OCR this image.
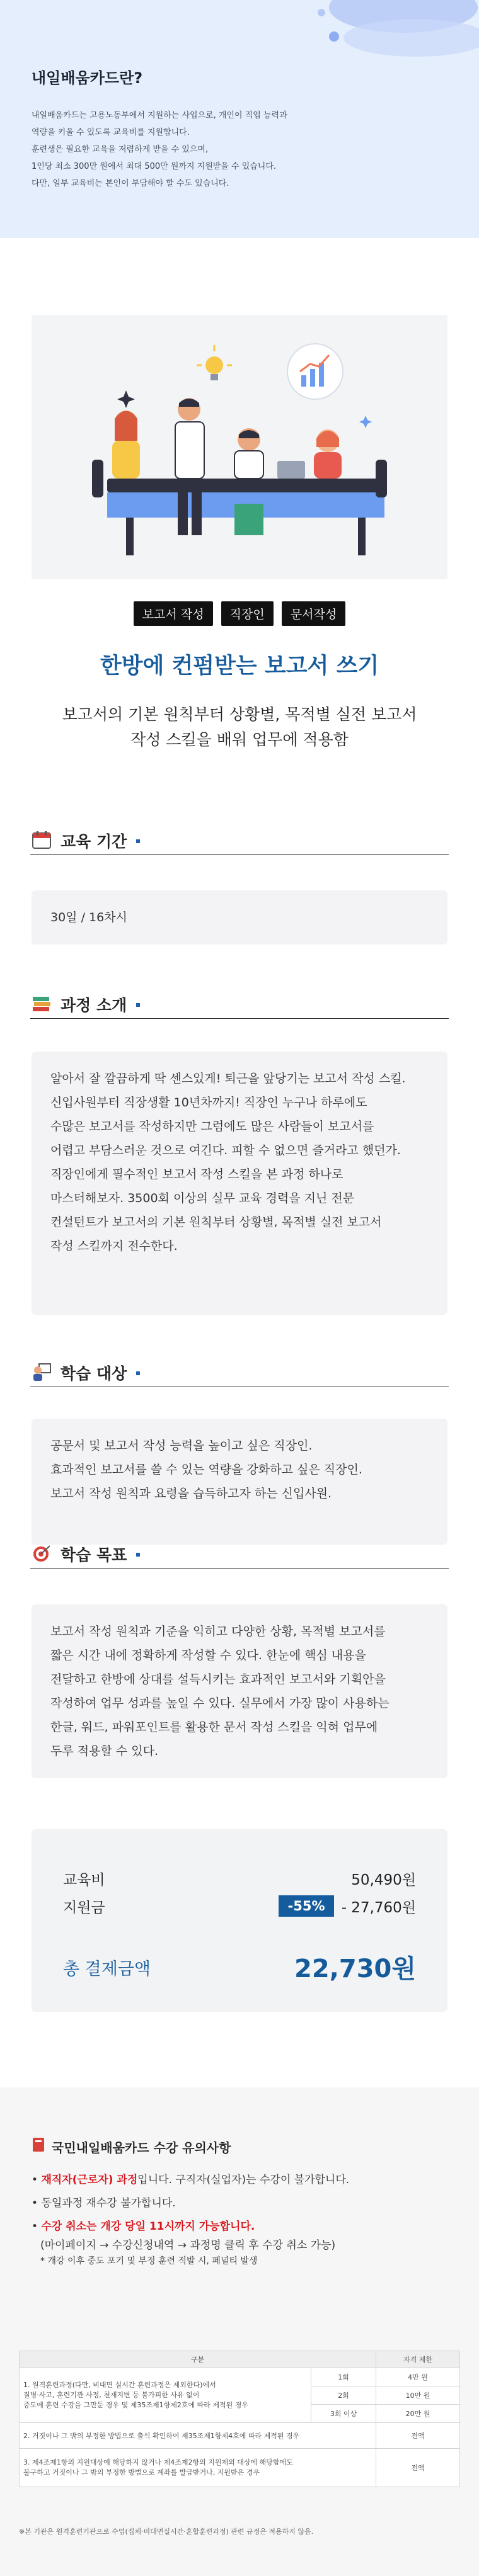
내일배움카드란?
내일배움카드는 고용노동부에서 지원하는 사업으로, 개인이 직업 능력과
역량을 키울 수 있도록 교육비를 지원합니다.
훈련생은 필요한 교육을 저렴하게 받을 수 있으며,
1인당 최소 300만 원에서 최대 500만 원까지 지원받을 수 있습니다.
다만, 일부 교육비는 본인이 부담해야 할 수도 있습니다.
보고서 작성 직장인 문서작성
한방에 컨펌받는 보고서 쓰기
보고서의 기본 원칙부터 상황별, 목적별 실전 보고서
작성 스킬을 배워 업무에 적용함
교육 기간
30일 / 16차시
과정 소개
알아서 잘 깔끔하게 딱 센스있게! 퇴근을 앞당기는 보고서 작성 스킬.
신입사원부터 직장생활 10년차까지! 직장인 누구나 하루에도
수많은 보고서를 작성하지만 그럼에도 많은 사람들이 보고서를
어렵고 부담스러운 것으로 여긴다. 피할 수 없으면 즐거라고 했던가.
직장인에게 필수적인 보고서 작성 스킬을 본 과정 하나로
마스터해보자. 3500회 이상의 실무 교육 경력을 지닌 전문
컨설턴트가 보고서의 기본 원칙부터 상황별, 목적별 실전 보고서
작성 스킬까지 전수한다.
학습 대상
공문서 및 보고서 작성 능력을 높이고 싶은 직장인.
효과적인 보고서를 쓸 수 있는 역량을 강화하고 싶은 직장인.
보고서 작성 원칙과 요령을 습득하고자 하는 신입사원.
학습 목표
보고서 작성 원칙과 기준을 익히고 다양한 상황, 목적별 보고서를
짧은 시간 내에 정확하게 작성할 수 있다. 한눈에 핵심 내용을
전달하고 한방에 상대를 설득시키는 효과적인 보고서와 기획안을
작성하여 업무 성과를 높일 수 있다. 실무에서 가장 많이 사용하는
한글, 워드, 파워포인트를 활용한 문서 작성 스킬을 익혀 업무에
두루 적용할 수 있다.
교육비	50,490원
지원금	-55%	- 27,760원
총 결제금액	22,730원
국민내일배움카드 수강 유의사항
• 재직자(근로자) 과정입니다. 구직자(실업자)는 수강이 불가합니다.
• 동일과정 재수강 불가합니다.
• 수강 취소는 개강 당일 11시까지 가능합니다.
(마이페이지 → 수강신청내역 → 과정명 클릭 후 수강 취소 가능)
* 개강 이후 중도 포기 및 부정 훈련 적발 시, 페널티 발생
구분		자격 제한

1. 원격훈련과정(다만, 비대면 실시간 훈련과정은 제외한다)에서
질병·사고, 훈련기관 사정, 천재지변 등 불가피한 사유 없이
중도에 훈련 수강을 그만둔 경우 및 제35조제1항제2호에 따라 제적된 경우	1회	4만 원
	2회	10만 원
	3회 이상	20만 원
2. 거짓이나 그 밖의 부정한 방법으로 출석 확인하여 제35조제1항제4호에 따라 제적된 경우		전액

3. 제4조제1항의 지원대상에 해당하지 않거나 제4조제2항의 지원제외 대상에 해당함에도
불구하고 거짓이나 그 밖의 부정한 방법으로 계좌를 발급받거나, 지원받은 경우		전액
※본 기관은 원격훈련기관으로 수업(집체·비대면실시간·혼합훈련과정) 관련 규정은 적용하지 않음.
